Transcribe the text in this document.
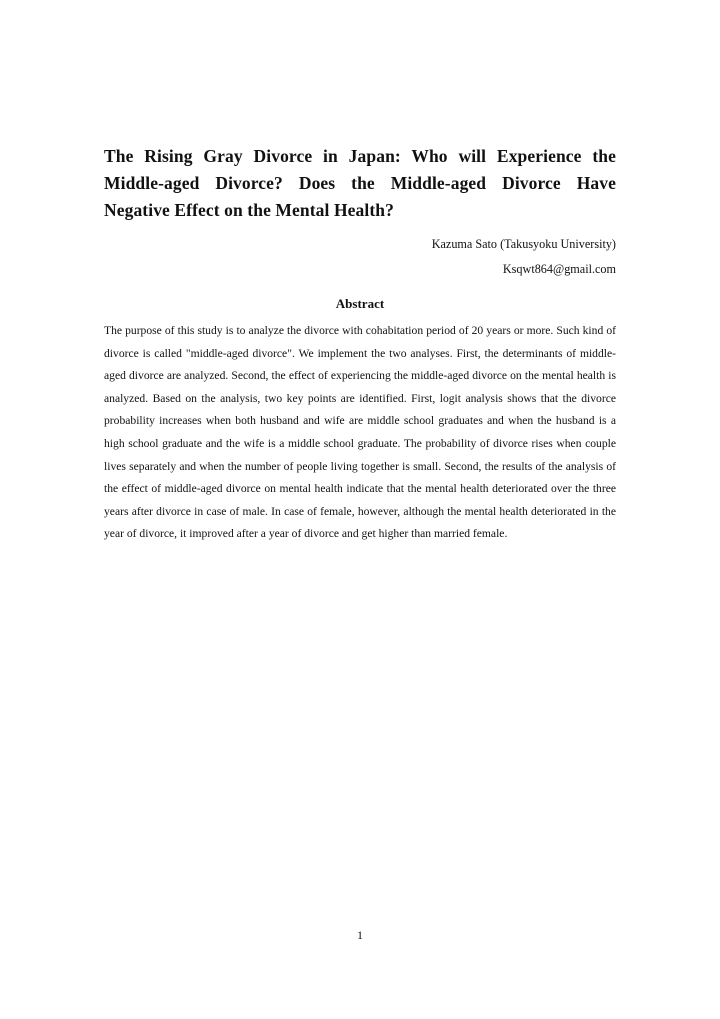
The Rising Gray Divorce in Japan: Who will Experience the Middle-aged Divorce? Does the Middle-aged Divorce Have Negative Effect on the Mental Health?
Kazuma Sato (Takusyoku University)
Ksqwt864@gmail.com
Abstract

The purpose of this study is to analyze the divorce with cohabitation period of 20 years or more. Such kind of divorce is called "middle-aged divorce". We implement the two analyses. First, the determinants of middle-aged divorce are analyzed. Second, the effect of experiencing the middle-aged divorce on the mental health is analyzed. Based on the analysis, two key points are identified. First, logit analysis shows that the divorce probability increases when both husband and wife are middle school graduates and when the husband is a high school graduate and the wife is a middle school graduate. The probability of divorce rises when couple lives separately and when the number of people living together is small. Second, the results of the analysis of the effect of middle-aged divorce on mental health indicate that the mental health deteriorated over the three years after divorce in case of male. In case of female, however, although the mental health deteriorated in the year of divorce, it improved after a year of divorce and get higher than married female.

1
